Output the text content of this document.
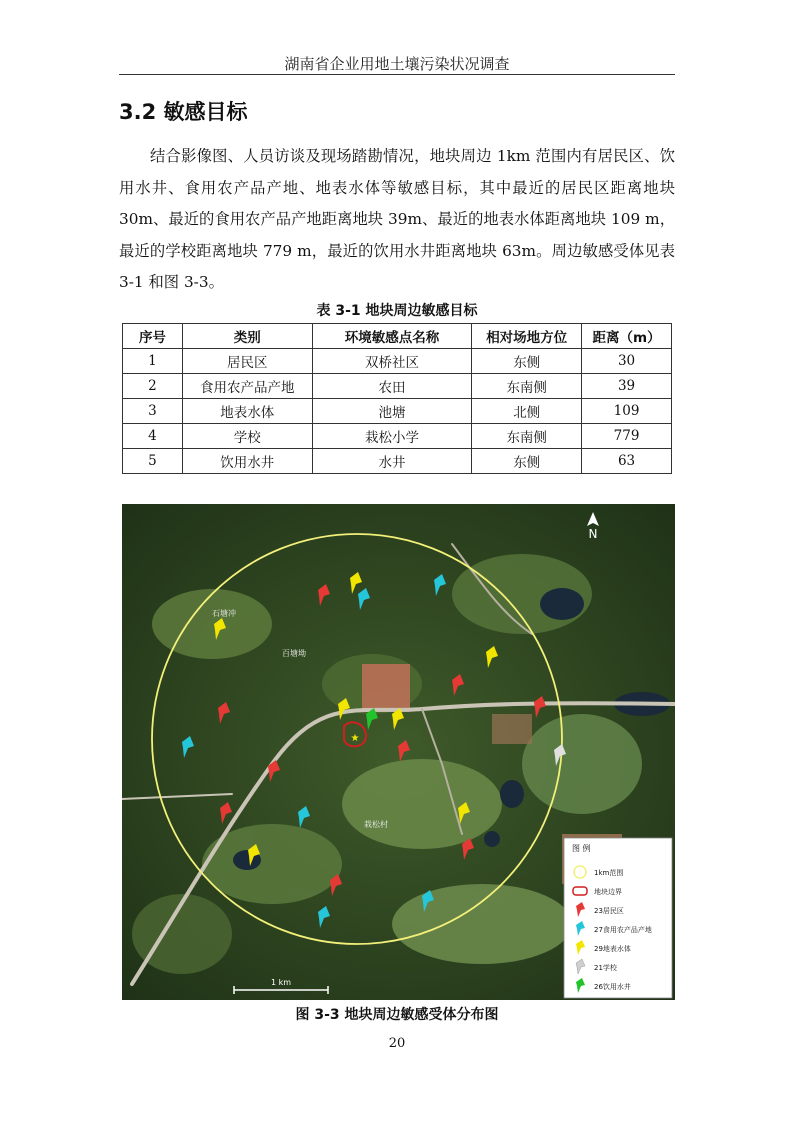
湖南省企业用地土壤污染状况调查
3.2 敏感目标

结合影像图、人员访谈及现场踏勘情况，地块周边 1km 范围内有居民区、饮用水井、食用农产品产地、地表水体等敏感目标，其中最近的居民区距离地块 30m、最近的食用农产品产地距离地块 39m、最近的地表水体距离地块 109 m，最近的学校距离地块 779 m，最近的饮用水井距离地块 63m。周边敏感受体见表 3-1 和图 3-3。

表 3-1 地块周边敏感目标
序号	类别	环境敏感点名称	相对场地方位	距离（m）
1	居民区	双桥社区	东侧	30
2	食用农产品产地	农田	东南侧	39
3	地表水体	池塘	北侧	109
4	学校	栽松小学	东南侧	779
5	饮用水井	水井	东侧	63
★
栽松村
石塘冲
百塘坳
N
1 km
图 例
1km范围
地块边界
23居民区
27食用农产品产地
29地表水体
21学校
26饮用水井
图 3-3 地块周边敏感受体分布图
20
